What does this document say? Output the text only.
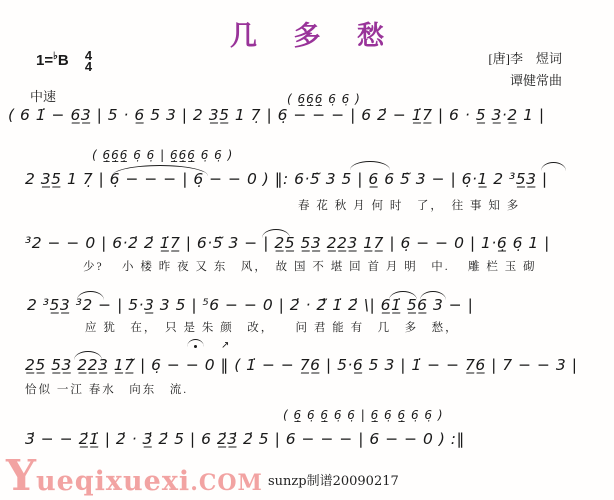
几 多 愁
1=♭B 4
4
[唐]李　煜词
谭健常曲
中速	( 6̲̣6̲̣6̲̣ 6̣ 6̣ )
( 6 1̇ − 6̲3̲ | 5 · 6̲ 5 3 | 2 3̲5̲ 1 7̣ | 6̣ − − − | 6 2̇ − 1̲̇7̲ | 6 · 5̲ 3̲·2̲ 1 |
( 6̲̣6̲̣6̲̣ 6̣ 6̣ | 6̲̣6̲̣6̲̣ 6̣ 6̣ )
2 3̲5̲ 1 7̣ | 6̣ − − − | 6̣ − − 0 ) ‖: 6·5̃ 3 5 | 6̲ 6 5̃ 3 − | 6̣·1̲ 2 ³5̲3̲ |
春 花 秋 月 何 时　了，　往 事 知 多
³2 − − 0 | 6·2̇ 2̇ 1̲̇7̲ | 6·5̃ 3 − | 2̲5̲ 5̲3̲ 2̲2̲3̲ 1̲7̲ | 6̣ − − 0 | 1·6̲̣ 6̣ 1 |
少?　 小 楼 昨 夜 又 东　风，　故 国 不 堪 回 首 月 明　中.　 雕 栏 玉 砌
2 ³5̲3̲ ³2 − | 5·3̲ 3 5 | ⁵6 − − 0 | 2̇ · 2̇̃ 1̇ 2̇ \| 6̲1̲̇ 5̲6̲ 3 − |
应 犹　在，　只 是 朱 颜　改，　　问 君 能 有　几　多　愁，
2̲5̲ 5̲3̲ 2̲2̲3̲ 1̲7̲̃ | 6̣ − − 0 ‖ ( 1̇ − − 7̲6̲ | 5·6̲ 5 3 | 1̇ − − 7̲6̲ | 7 − − 3 |
↗
恰似 一江 春水　向东　流.
( 6̲̣ 6̣ 6̲̣ 6̣ 6̣ | 6̲̣ 6̣ 6̲̣ 6̣ 6̣ )
3̇ − − 2̲̇1̲̇ | 2̇ · 3̲̇ 2̇ 5 | 6 2̲̇3̲̇ 2̇ 5 | 6 − − − | 6 − − 0 ) :‖
Yueqixuexi.COM sunzp制谱20090217
